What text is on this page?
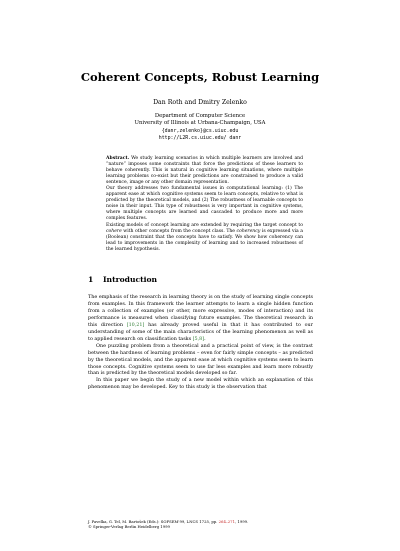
Coherent Concepts, Robust Learning
Dan Roth and Dmitry Zelenko
Department of Computer Science
University of Illinois at Urbana-Champaign, USA
{danr,zelenko}@cs.uiuc.edu
http://L2R.cs.uiuc.edu/ danr

Abstract. We study learning scenarios in which multiple learners are involved and “nature” imposes some constraints that force the predictions of these learners to behave coherently. This is natural in cognitive learning situations, where multiple learning problems co-exist but their predictions are constrained to produce a valid sentence, image or any other domain representation.

Our theory addresses two fundamental issues in computational learning: (1) The apparent ease at which cognitive systems seem to learn concepts, relative to what is predicted by the theoretical models, and (2) The robustness of learnable concepts to noise in their input. This type of robustness is very important in cognitive systems, where multiple concepts are learned and cascaded to produce more and more complex features.

Existing models of concept learning are extended by requiring the target concept to cohere with other concepts from the concept class. The coherency is expressed via a (Boolean) constraint that the concepts have to satisfy. We show how coherency can lead to improvements in the complexity of learning and to increased robustness of the learned hypothesis.

1 Introduction

The emphasis of the research in learning theory is on the study of learning single concepts from examples. In this framework the learner attempts to learn a single hidden function from a collection of examples (or other, more expressive, modes of interaction) and its performance is measured when classifying future examples. The theoretical research in this direction [10,21] has already proved useful in that it has contributed to our understanding of some of the main characteristics of the learning phenomenon as well as to applied research on classification tasks [5,8].

One puzzling problem from a theoretical and a practical point of view, is the contrast between the hardness of learning problems – even for fairly simple concepts – as predicted by the theoretical models, and the apparent ease at which cognitive systems seem to learn those concepts. Cognitive systems seem to use far less examples and learn more robustly than is predicted by the theoretical models developed so far.

In this paper we begin the study of a new model within which an explanation of this phenomenon may be developed. Key to this study is the observation that

J. Pavelka, G. Tel, M. Bartošek (Eds.): SOFSEM'99, LNCS 1725, pp. 264–271, 1999.
© Springer-Verlag Berlin Heidelberg 1999
